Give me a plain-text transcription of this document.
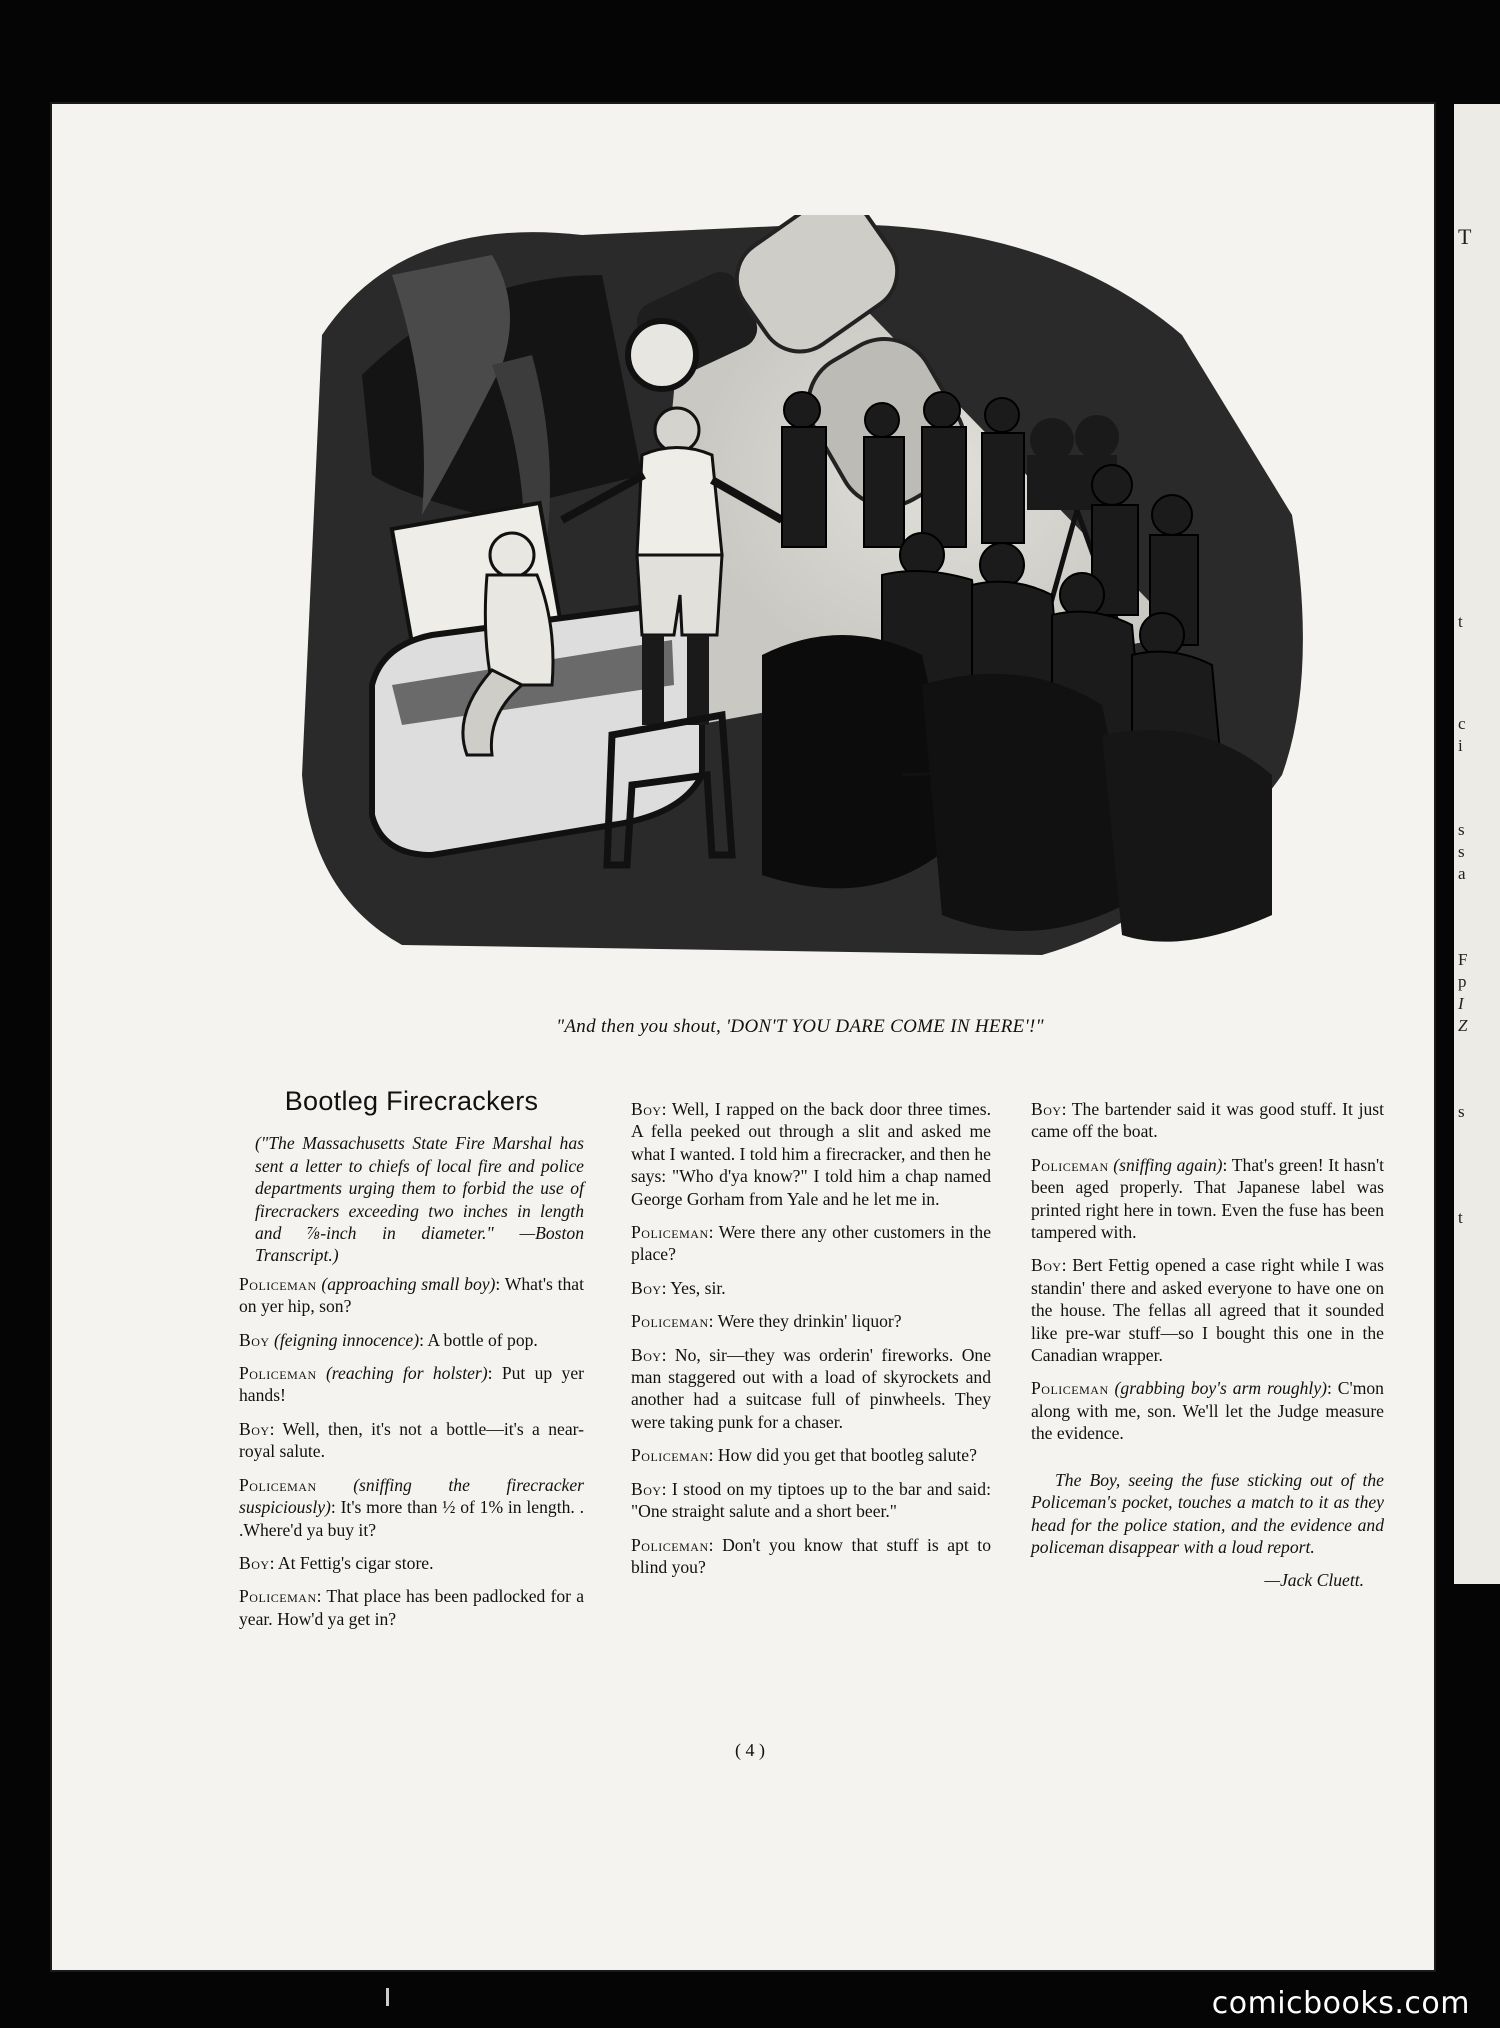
T
t
c
i
s
s
a
F
p
I
Z
s
t
"And then you shout, 'DON'T YOU DARE COME IN HERE'!"
Bootleg Firecrackers

("The Massachusetts State Fire Marshal has sent a letter to chiefs of local fire and police departments urging them to forbid the use of firecrackers exceeding two inches in length and ⅞-inch in diameter." —Boston Transcript.)

Policeman (approaching small boy): What's that on yer hip, son?

Boy (feigning innocence): A bottle of pop.

Policeman (reaching for holster): Put up yer hands!

Boy: Well, then, it's not a bottle—it's a near-royal salute.

Policeman (sniffing the firecracker suspiciously): It's more than ½ of 1% in length. . .Where'd ya buy it?

Boy: At Fettig's cigar store.

Policeman: That place has been padlocked for a year. How'd ya get in?

Boy: Well, I rapped on the back door three times. A fella peeked out through a slit and asked me what I wanted. I told him a firecracker, and then he says: "Who d'ya know?" I told him a chap named George Gorham from Yale and he let me in.

Policeman: Were there any other customers in the place?

Boy: Yes, sir.

Policeman: Were they drinkin' liquor?

Boy: No, sir—they was orderin' fireworks. One man staggered out with a load of skyrockets and another had a suitcase full of pinwheels. They were taking punk for a chaser.

Policeman: How did you get that bootleg salute?

Boy: I stood on my tiptoes up to the bar and said: "One straight salute and a short beer."

Policeman: Don't you know that stuff is apt to blind you?

Boy: The bartender said it was good stuff. It just came off the boat.

Policeman (sniffing again): That's green! It hasn't been aged properly. That Japanese label was printed right here in town. Even the fuse has been tampered with.

Boy: Bert Fettig opened a case right while I was standin' there and asked everyone to have one on the house. The fellas all agreed that it sounded like pre-war stuff—so I bought this one in the Canadian wrapper.

Policeman (grabbing boy's arm roughly): C'mon along with me, son. We'll let the Judge measure the evidence.

The Boy, seeing the fuse sticking out of the Policeman's pocket, touches a match to it as they head for the police station, and the evidence and policeman disappear with a loud report.

—Jack Cluett.

( 4 )
comicbooks.com
